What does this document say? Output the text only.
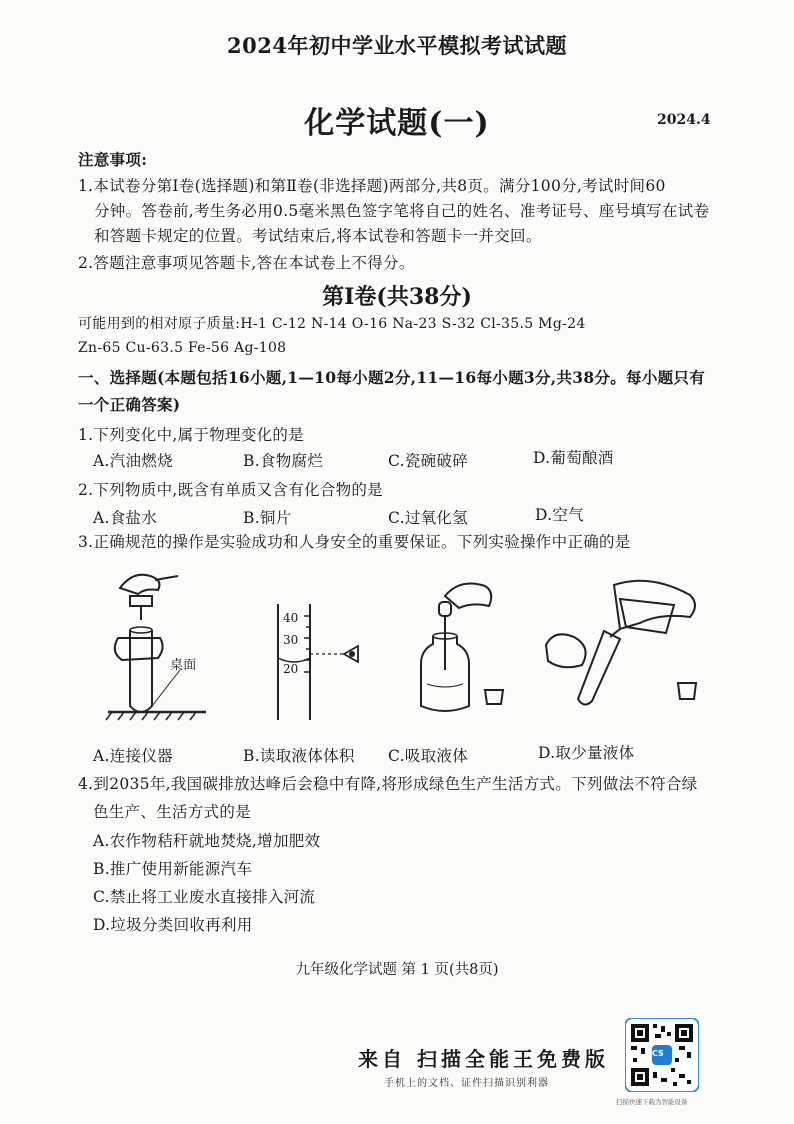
2024年初中学业水平模拟考试试题
化学试题(一)	2024.4
注意事项:
1.本试卷分第Ⅰ卷(选择题)和第Ⅱ卷(非选择题)两部分,共8页。满分100分,考试时间60
分钟。答卷前,考生务必用0.5毫米黑色签字笔将自己的姓名、准考证号、座号填写在试卷
和答题卡规定的位置。考试结束后,将本试卷和答题卡一并交回。
2.答题注意事项见答题卡,答在本试卷上不得分。
第Ⅰ卷(共38分)
可能用到的相对原子质量:H-1 C-12 N-14 O-16 Na-23 S-32 Cl-35.5 Mg-24
Zn-65 Cu-63.5 Fe-56 Ag-108
一、选择题(本题包括16小题,1—10每小题2分,11—16每小题3分,共38分。每小题只有
一个正确答案)
1.下列变化中,属于物理变化的是
A.汽油燃烧	B.食物腐烂	C.瓷碗破碎	D.葡萄酿酒
2.下列物质中,既含有单质又含有化合物的是
A.食盐水	B.铜片	C.过氧化氢	D.空气
3.正确规范的操作是实验成功和人身安全的重要保证。下列实验操作中正确的是
桌面
40
30
20
A.连接仪器	B.读取液体体积 C.吸取液体	D.取少量液体
4.到2035年,我国碳排放达峰后会稳中有降,将形成绿色生产生活方式。下列做法不符合绿
色生产、生活方式的是
A.农作物秸秆就地焚烧,增加肥效
B.推广使用新能源汽车
C.禁止将工业废水直接排入河流
D.垃圾分类回收再利用
九年级化学试题 第 1 页(共8页)
来自 扫描全能王免费版
手机上的文档、证件扫描识别利器
CS
扫描快速下载为智能设备
